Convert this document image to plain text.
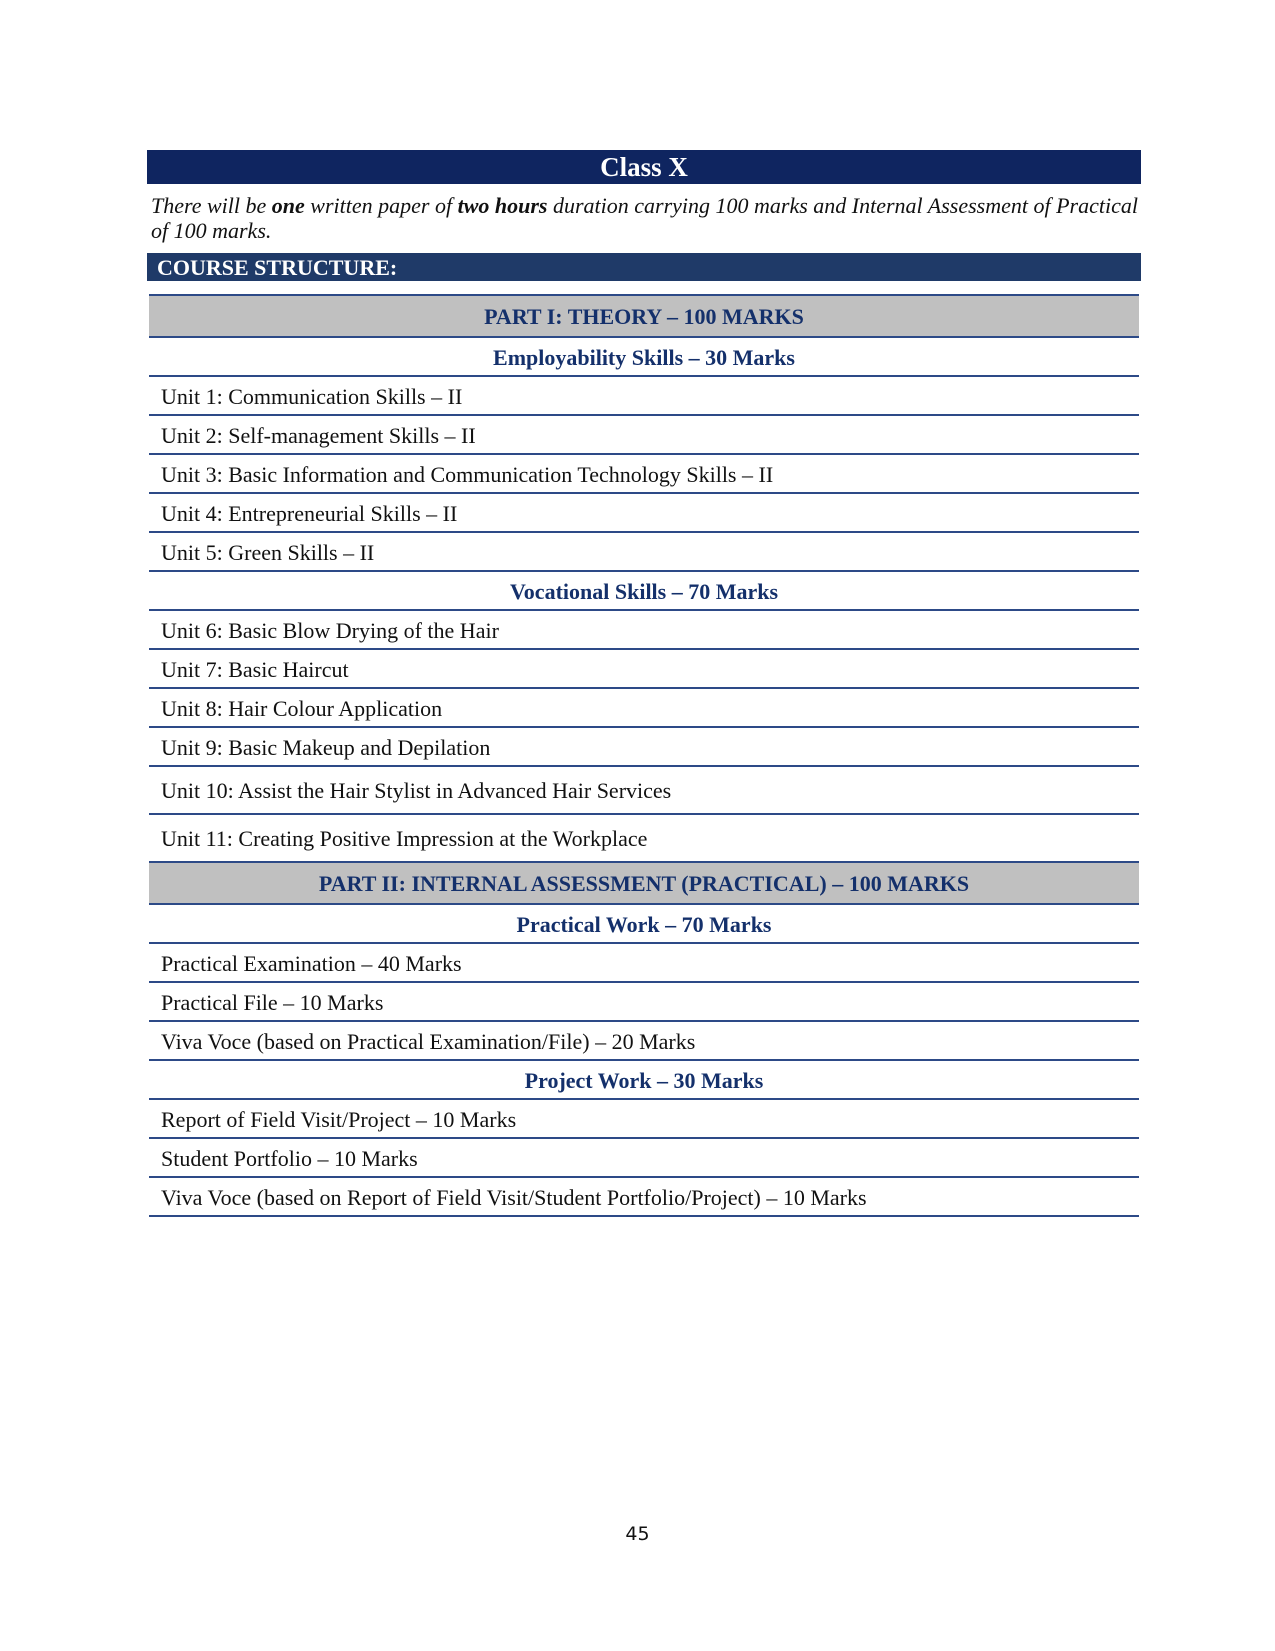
Class X
There will be one written paper of two hours duration carrying 100 marks and Internal Assessment of Practical of 100 marks.
COURSE STRUCTURE:
PART I: THEORY – 100 MARKS
Employability Skills – 30 Marks
Unit 1: Communication Skills – II
Unit 2: Self-management Skills – II
Unit 3: Basic Information and Communication Technology Skills – II
Unit 4: Entrepreneurial Skills – II
Unit 5: Green Skills – II
Vocational Skills – 70 Marks
Unit 6: Basic Blow Drying of the Hair
Unit 7: Basic Haircut
Unit 8: Hair Colour Application
Unit 9: Basic Makeup and Depilation
Unit 10: Assist the Hair Stylist in Advanced Hair Services
Unit 11: Creating Positive Impression at the Workplace
PART II: INTERNAL ASSESSMENT (PRACTICAL) – 100 MARKS
Practical Work – 70 Marks
Practical Examination – 40 Marks
Practical File – 10 Marks
Viva Voce (based on Practical Examination/File) – 20 Marks
Project Work – 30 Marks
Report of Field Visit/Project – 10 Marks
Student Portfolio – 10 Marks
Viva Voce (based on Report of Field Visit/Student Portfolio/Project) – 10 Marks
45
